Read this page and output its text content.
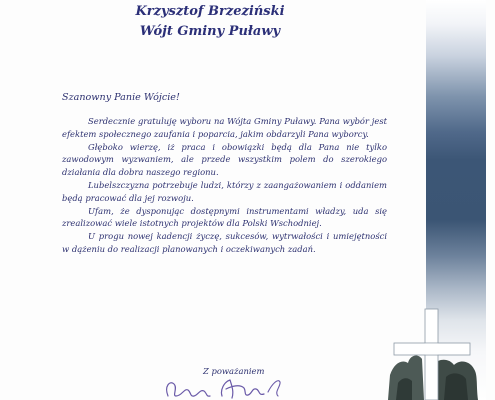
Krzysztof Brzeziński
Wójt Gminy Puławy
Szanowny Panie Wójcie!

Serdecznie gratuluję wyboru na Wójta Gminy Puławy. Pana wybór jest efektem społecznego zaufania i poparcia, jakim obdarzyli Pana wyborcy.

Głęboko wierzę, iż praca i obowiązki będą dla Pana nie tylko zawodowym wyzwaniem, ale przede wszystkim polem do szerokiego działania dla dobra naszego regionu.

Lubelszczyzna potrzebuje ludzi, którzy z zaangażowaniem i oddaniem będą pracować dla jej rozwoju.

Ufam, że dysponując dostępnymi instrumentami władzy, uda się zrealizować wiele istotnych projektów dla Polski Wschodniej.

U progu nowej kadencji życzę, sukcesów, wytrwałości i umiejętności w dążeniu do realizacji planowanych i oczekiwanych zadań.

Z poważaniem
